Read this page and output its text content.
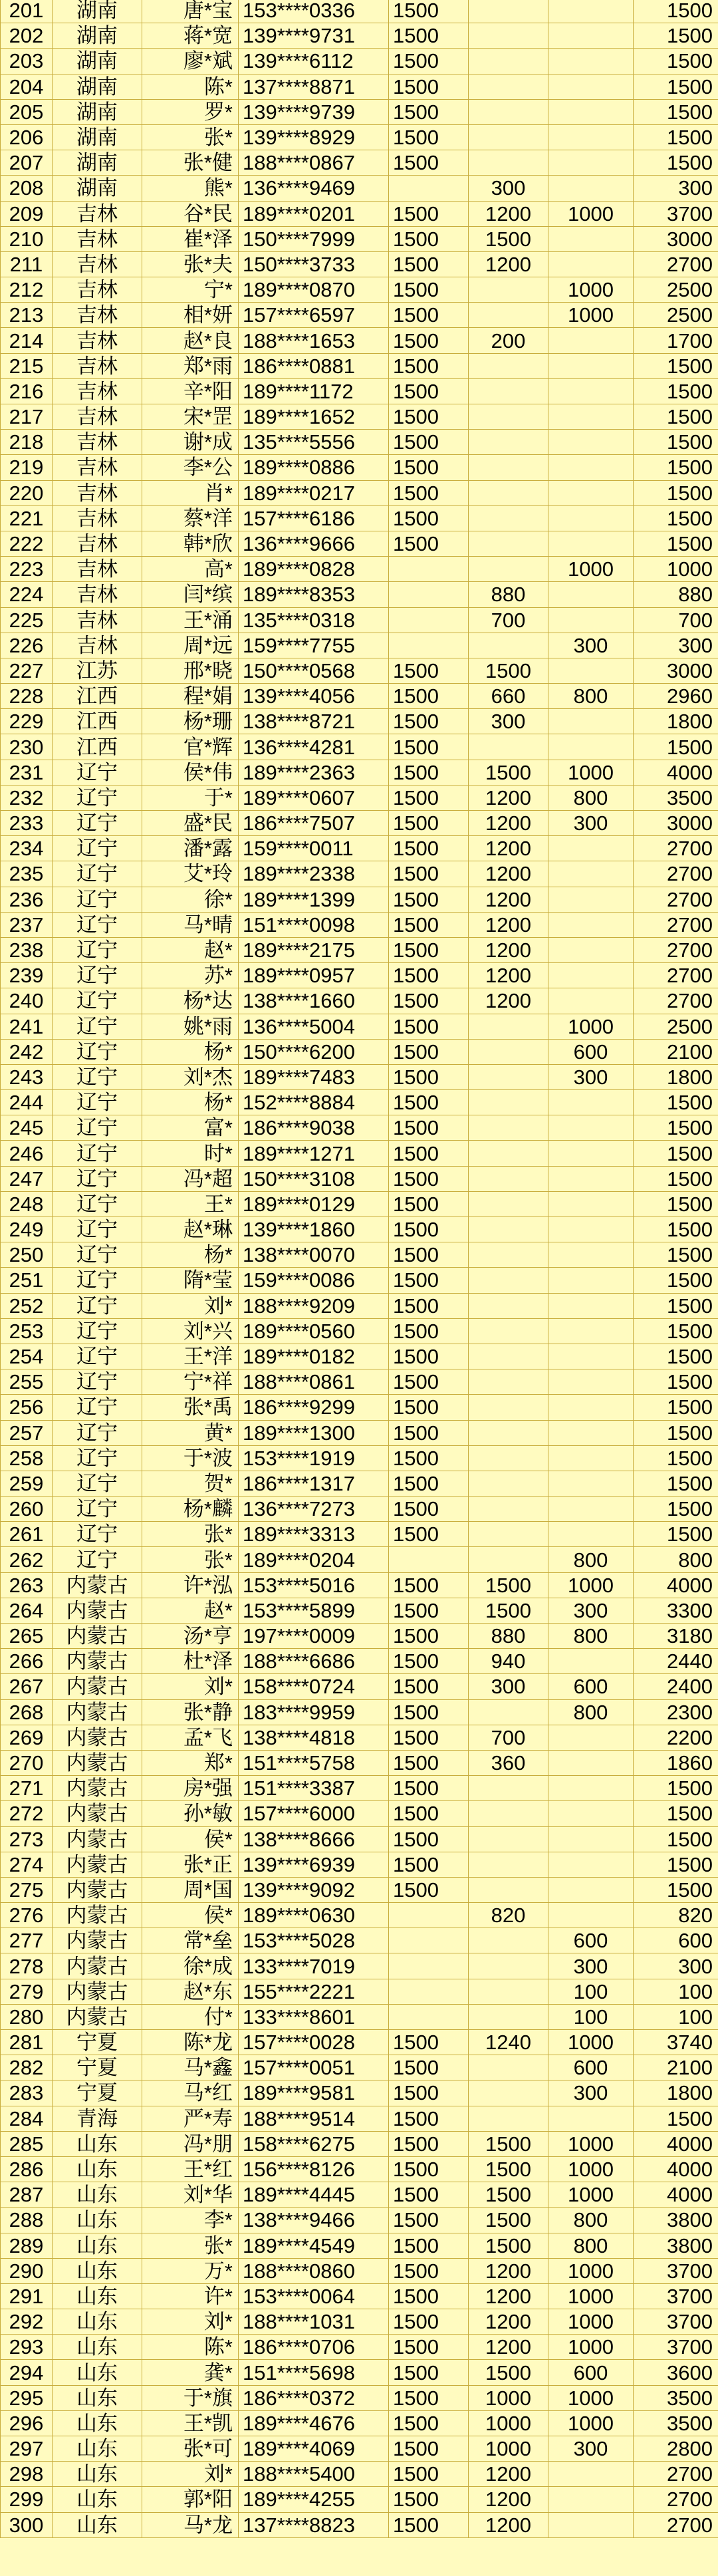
201	湖南	唐*宝	153****0336	1500			1500
202	湖南	蒋*宽	139****9731	1500			1500
203	湖南	廖*斌	139****6112	1500			1500
204	湖南	陈*	137****8871	1500			1500
205	湖南	罗*	139****9739	1500			1500
206	湖南	张*	139****8929	1500			1500
207	湖南	张*健	188****0867	1500			1500
208	湖南	熊*	136****9469		300		300
209	吉林	谷*民	189****0201	1500	1200	1000	3700
210	吉林	崔*泽	150****7999	1500	1500		3000
211	吉林	张*夫	150****3733	1500	1200		2700
212	吉林	宁*	189****0870	1500		1000	2500
213	吉林	相*妍	157****6597	1500		1000	2500
214	吉林	赵*良	188****1653	1500	200		1700
215	吉林	郑*雨	186****0881	1500			1500
216	吉林	辛*阳	189****1172	1500			1500
217	吉林	宋*罡	189****1652	1500			1500
218	吉林	谢*成	135****5556	1500			1500
219	吉林	李*公	189****0886	1500			1500
220	吉林	肖*	189****0217	1500			1500
221	吉林	蔡*洋	157****6186	1500			1500
222	吉林	韩*欣	136****9666	1500			1500
223	吉林	高*	189****0828			1000	1000
224	吉林	闫*缤	189****8353		880		880
225	吉林	王*涌	135****0318		700		700
226	吉林	周*远	159****7755			300	300
227	江苏	邢*晓	150****0568	1500	1500		3000
228	江西	程*娟	139****4056	1500	660	800	2960
229	江西	杨*珊	138****8721	1500	300		1800
230	江西	官*辉	136****4281	1500			1500
231	辽宁	侯*伟	189****2363	1500	1500	1000	4000
232	辽宁	于*	189****0607	1500	1200	800	3500
233	辽宁	盛*民	186****7507	1500	1200	300	3000
234	辽宁	潘*露	159****0011	1500	1200		2700
235	辽宁	艾*玲	189****2338	1500	1200		2700
236	辽宁	徐*	189****1399	1500	1200		2700
237	辽宁	马*晴	151****0098	1500	1200		2700
238	辽宁	赵*	189****2175	1500	1200		2700
239	辽宁	苏*	189****0957	1500	1200		2700
240	辽宁	杨*达	138****1660	1500	1200		2700
241	辽宁	姚*雨	136****5004	1500		1000	2500
242	辽宁	杨*	150****6200	1500		600	2100
243	辽宁	刘*杰	189****7483	1500		300	1800
244	辽宁	杨*	152****8884	1500			1500
245	辽宁	富*	186****9038	1500			1500
246	辽宁	时*	189****1271	1500			1500
247	辽宁	冯*超	150****3108	1500			1500
248	辽宁	王*	189****0129	1500			1500
249	辽宁	赵*琳	139****1860	1500			1500
250	辽宁	杨*	138****0070	1500			1500
251	辽宁	隋*莹	159****0086	1500			1500
252	辽宁	刘*	188****9209	1500			1500
253	辽宁	刘*兴	189****0560	1500			1500
254	辽宁	王*洋	189****0182	1500			1500
255	辽宁	宁*祥	188****0861	1500			1500
256	辽宁	张*禹	186****9299	1500			1500
257	辽宁	黄*	189****1300	1500			1500
258	辽宁	于*波	153****1919	1500			1500
259	辽宁	贺*	186****1317	1500			1500
260	辽宁	杨*麟	136****7273	1500			1500
261	辽宁	张*	189****3313	1500			1500
262	辽宁	张*	189****0204			800	800
263	内蒙古	许*泓	153****5016	1500	1500	1000	4000
264	内蒙古	赵*	153****5899	1500	1500	300	3300
265	内蒙古	汤*亨	197****0009	1500	880	800	3180
266	内蒙古	杜*泽	188****6686	1500	940		2440
267	内蒙古	刘*	158****0724	1500	300	600	2400
268	内蒙古	张*静	183****9959	1500		800	2300
269	内蒙古	孟*飞	138****4818	1500	700		2200
270	内蒙古	郑*	151****5758	1500	360		1860
271	内蒙古	房*强	151****3387	1500			1500
272	内蒙古	孙*敏	157****6000	1500			1500
273	内蒙古	侯*	138****8666	1500			1500
274	内蒙古	张*正	139****6939	1500			1500
275	内蒙古	周*国	139****9092	1500			1500
276	内蒙古	侯*	189****0630		820		820
277	内蒙古	常*垒	153****5028			600	600
278	内蒙古	徐*成	133****7019			300	300
279	内蒙古	赵*东	155****2221			100	100
280	内蒙古	付*	133****8601			100	100
281	宁夏	陈*龙	157****0028	1500	1240	1000	3740
282	宁夏	马*鑫	157****0051	1500		600	2100
283	宁夏	马*红	189****9581	1500		300	1800
284	青海	严*寿	188****9514	1500			1500
285	山东	冯*朋	158****6275	1500	1500	1000	4000
286	山东	王*红	156****8126	1500	1500	1000	4000
287	山东	刘*华	189****4445	1500	1500	1000	4000
288	山东	李*	138****9466	1500	1500	800	3800
289	山东	张*	189****4549	1500	1500	800	3800
290	山东	万*	188****0860	1500	1200	1000	3700
291	山东	许*	153****0064	1500	1200	1000	3700
292	山东	刘*	188****1031	1500	1200	1000	3700
293	山东	陈*	186****0706	1500	1200	1000	3700
294	山东	龚*	151****5698	1500	1500	600	3600
295	山东	于*旗	186****0372	1500	1000	1000	3500
296	山东	王*凯	189****4676	1500	1000	1000	3500
297	山东	张*可	189****4069	1500	1000	300	2800
298	山东	刘*	188****5400	1500	1200		2700
299	山东	郭*阳	189****4255	1500	1200		2700
300	山东	马*龙	137****8823	1500	1200		2700
